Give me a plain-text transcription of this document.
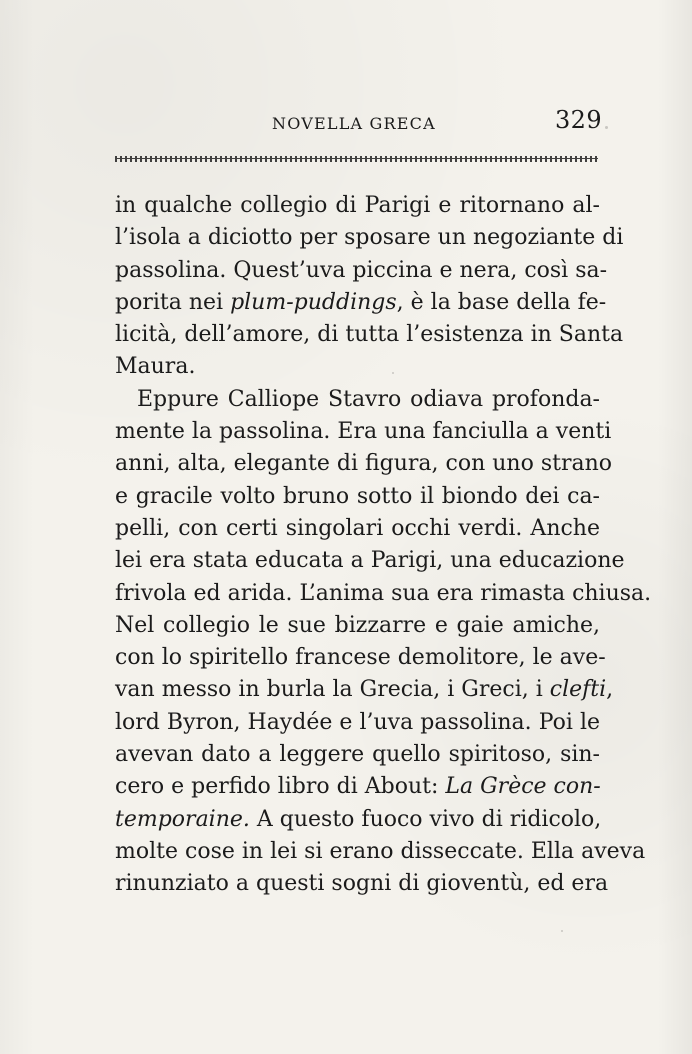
NOVELLA GRECA	329
in qualche collegio di Parigi e ritornano al-
l’isola a diciotto per sposare un negoziante di
passolina. Quest’uva piccina e nera, così sa-
porita nei plum-puddings, è la base della fe-
licità, dell’amore, di tutta l’esistenza in Santa
Maura.
Eppure Calliope Stavro odiava profonda-
mente la passolina. Era una fanciulla a venti
anni, alta, elegante di figura, con uno strano
e gracile volto bruno sotto il biondo dei ca-
pelli, con certi singolari occhi verdi. Anche
lei era stata educata a Parigi, una educazione
frivola ed arida. L’anima sua era rimasta chiusa.
Nel collegio le sue bizzarre e gaie amiche,
con lo spiritello francese demolitore, le ave-
van messo in burla la Grecia, i Greci, i clefti,
lord Byron, Haydée e l’uva passolina. Poi le
avevan dato a leggere quello spiritoso, sin-
cero e perfido libro di About: La Grèce con-
temporaine. A questo fuoco vivo di ridicolo,
molte cose in lei si erano disseccate. Ella aveva
rinunziato a questi sogni di gioventù, ed era
